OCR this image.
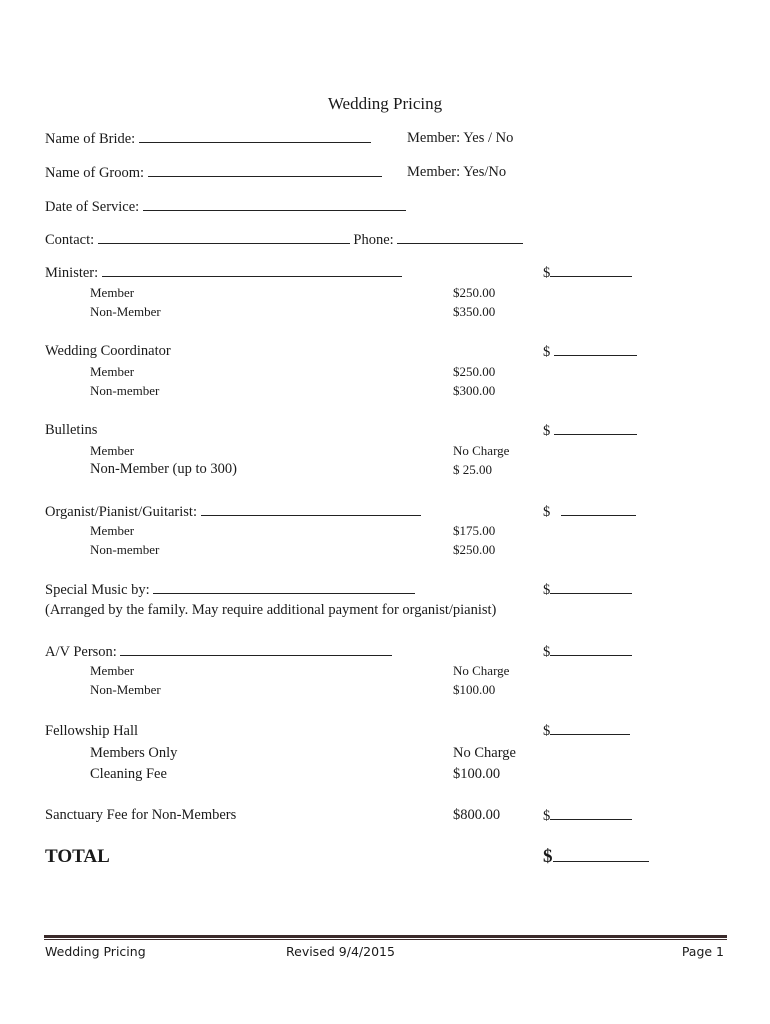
Wedding Pricing
Name of Bride:	Member: Yes / No
Name of Groom:	Member: Yes/No
Date of Service:
Contact:	Phone:
Minister:	$
Member	$250.00
Non-Member	$350.00
Wedding Coordinator	$
Member	$250.00
Non-member	$300.00
Bulletins	$
Member	No Charge
Non-Member (up to 300)	$ 25.00
Organist/Pianist/Guitarist:	$
Member	$175.00
Non-member	$250.00
Special Music by:	$
(Arranged by the family. May require additional payment for organist/pianist)
A/V Person:	$
Member	No Charge
Non-Member	$100.00
Fellowship Hall	$
Members Only	No Charge
Cleaning Fee	$100.00
Sanctuary Fee for Non-Members	$800.00	$
TOTAL	$
Wedding Pricing	Revised 9/4/2015	Page 1
